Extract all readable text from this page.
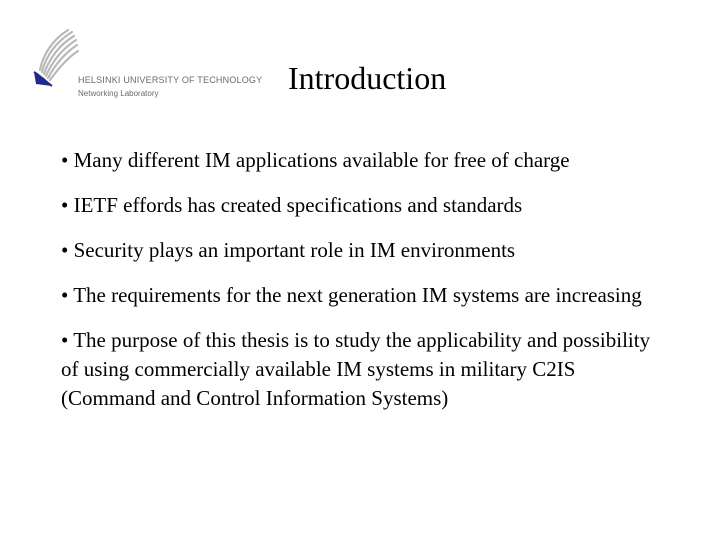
HELSINKI UNIVERSITY OF TECHNOLOGY
Networking Laboratory	Introduction
• Many different IM applications available for free of charge
• IETF effords has created specifications and standards
• Security plays an important role in IM environments
• The requirements for the next generation IM systems are increasing
• The purpose of this thesis is to study the applicability and possibility of using commercially available IM systems in military C2IS (Command and Control Information Systems)
